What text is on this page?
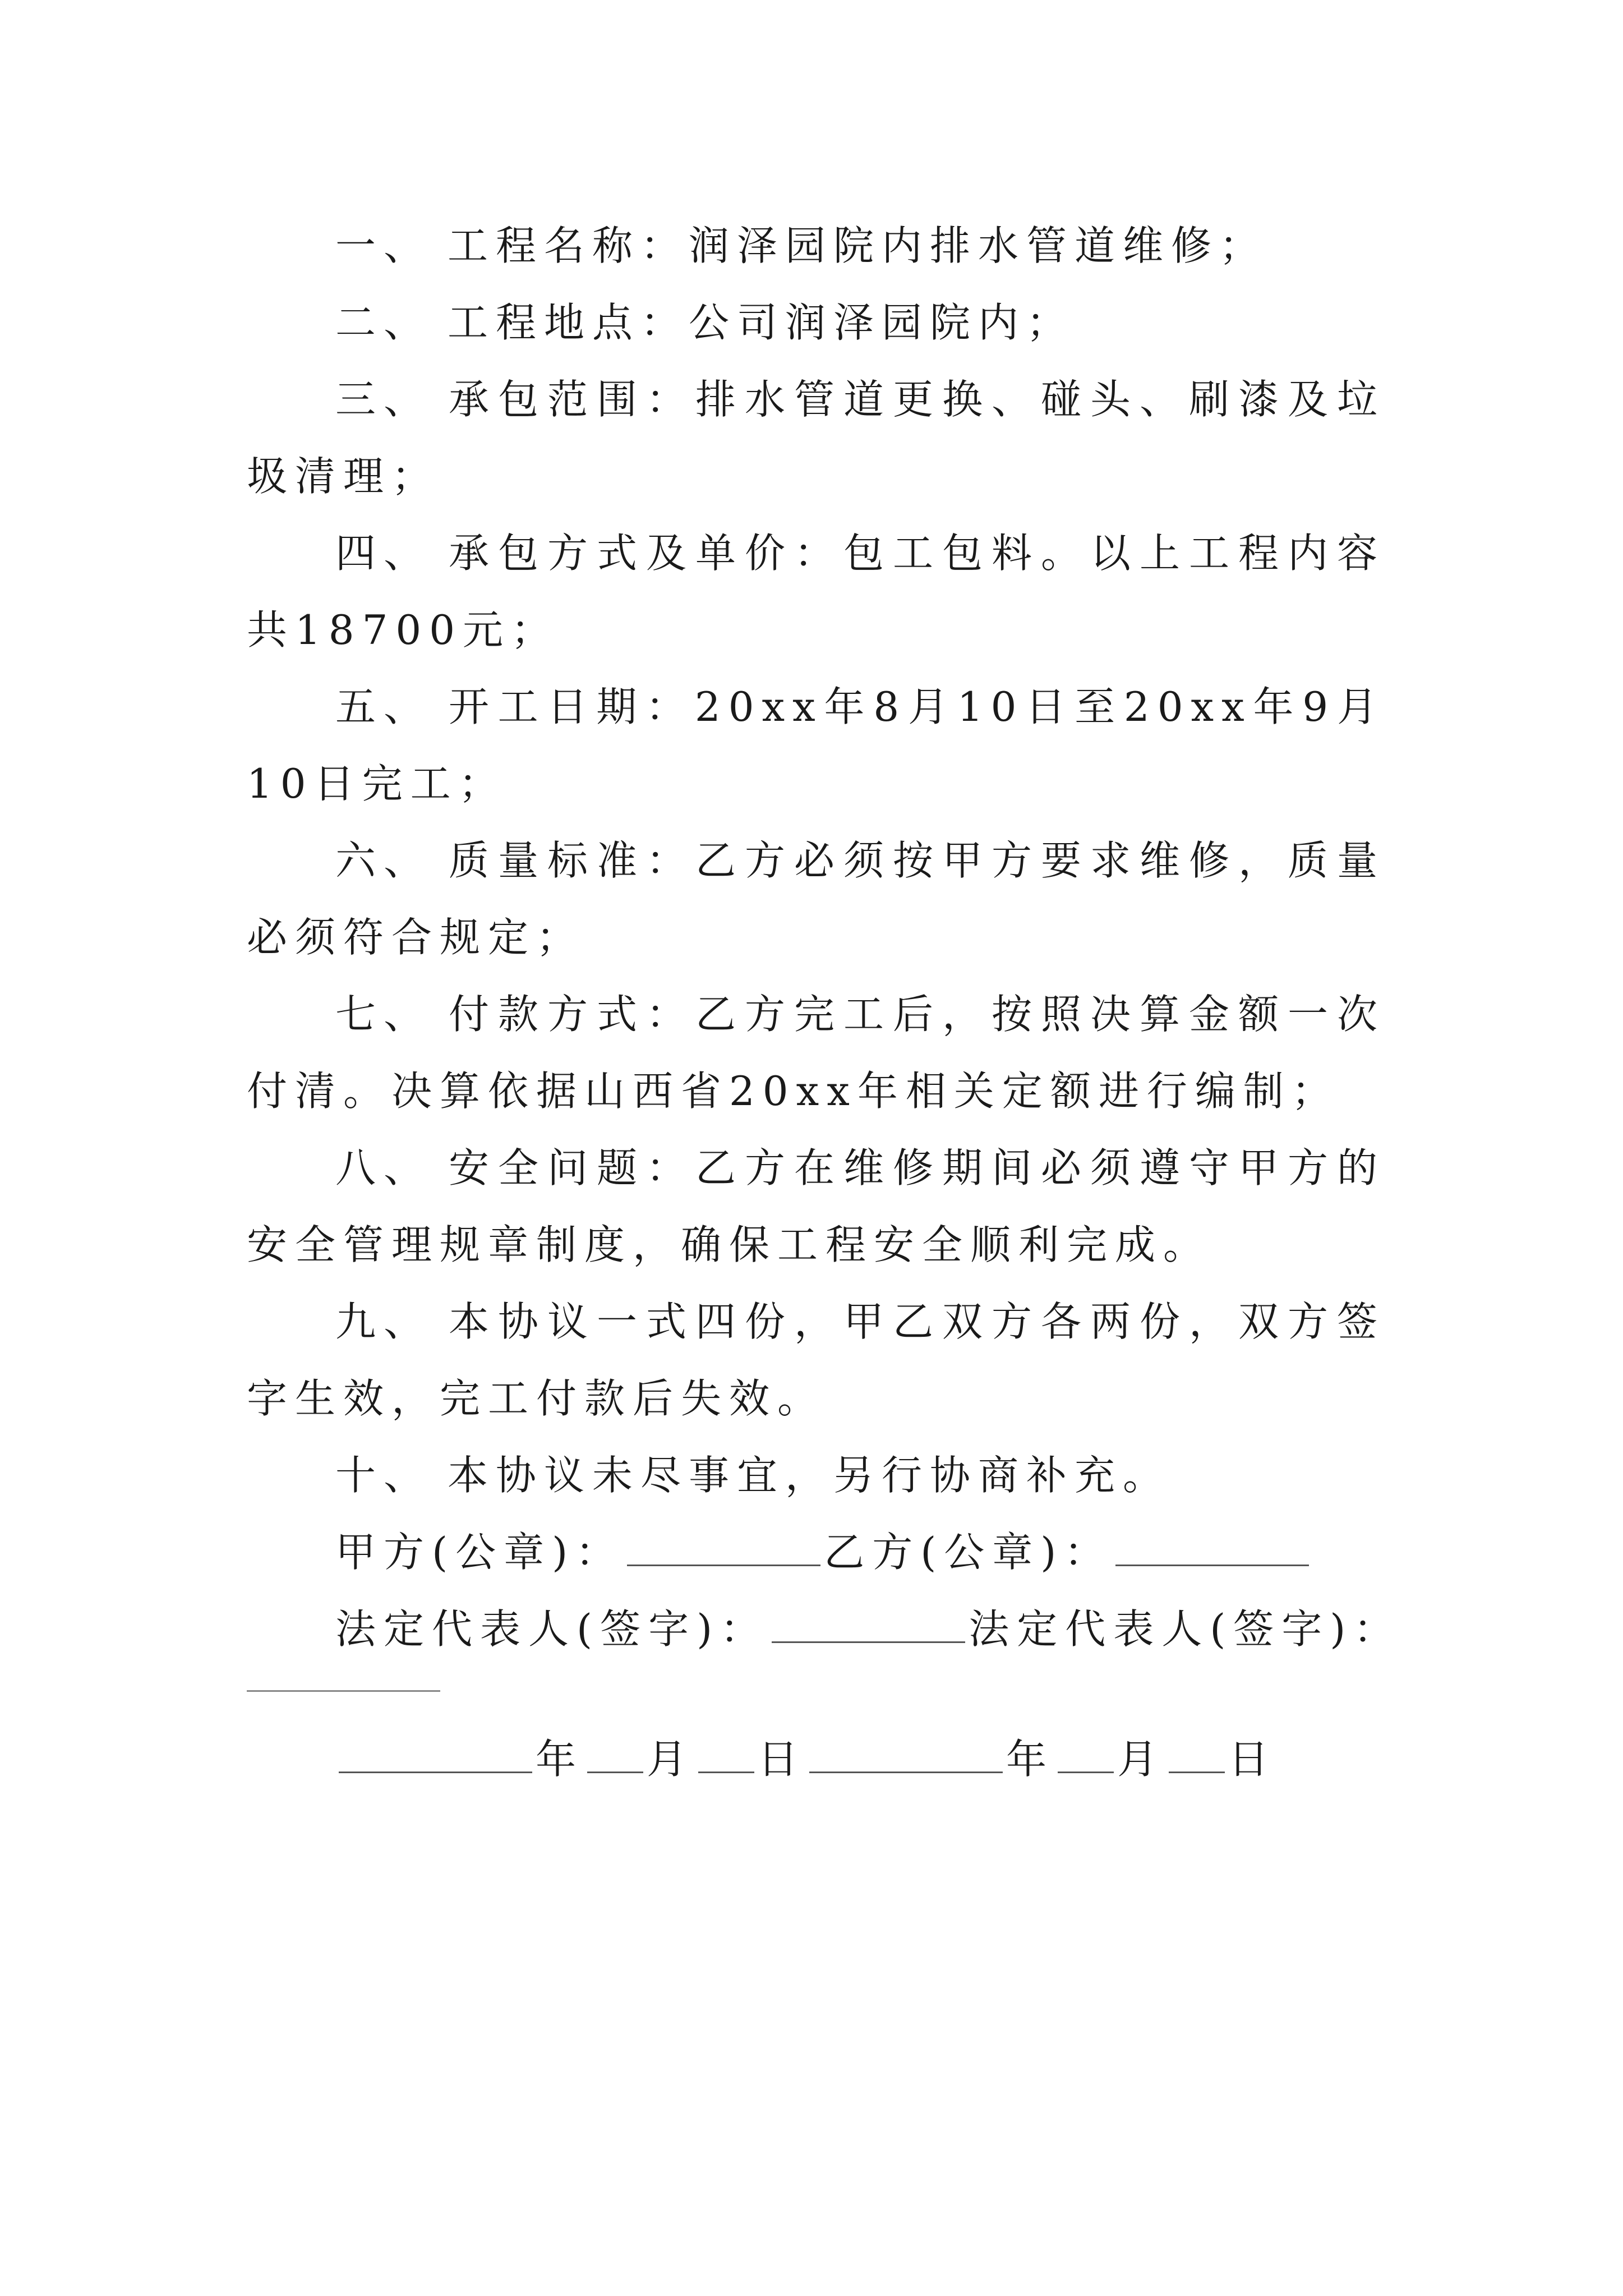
一、 工程名称：润泽园院内排水管道维修；

二、 工程地点：公司润泽园院内；

三、 承包范围：排水管道更换、碰头、刷漆及垃圾清理；

四、 承包方式及单价：包工包料。以上工程内容共18700元；

五、 开工日期：20xx年8月10日至20xx年9月10日完工；

六、 质量标准：乙方必须按甲方要求维修，质量必须符合规定；

七、 付款方式：乙方完工后，按照决算金额一次付清。决算依据山西省20xx年相关定额进行编制；

八、 安全问题：乙方在维修期间必须遵守甲方的安全管理规章制度，确保工程安全顺利完成。

九、 本协议一式四份，甲乙双方各两份，双方签字生效，完工付款后失效。

十、 本协议未尽事宜，另行协商补充。

甲方(公章)：	乙方(公章)：

法定代表人(签字)：	法定代表人(签字)：

年 月 日	年 月 日
